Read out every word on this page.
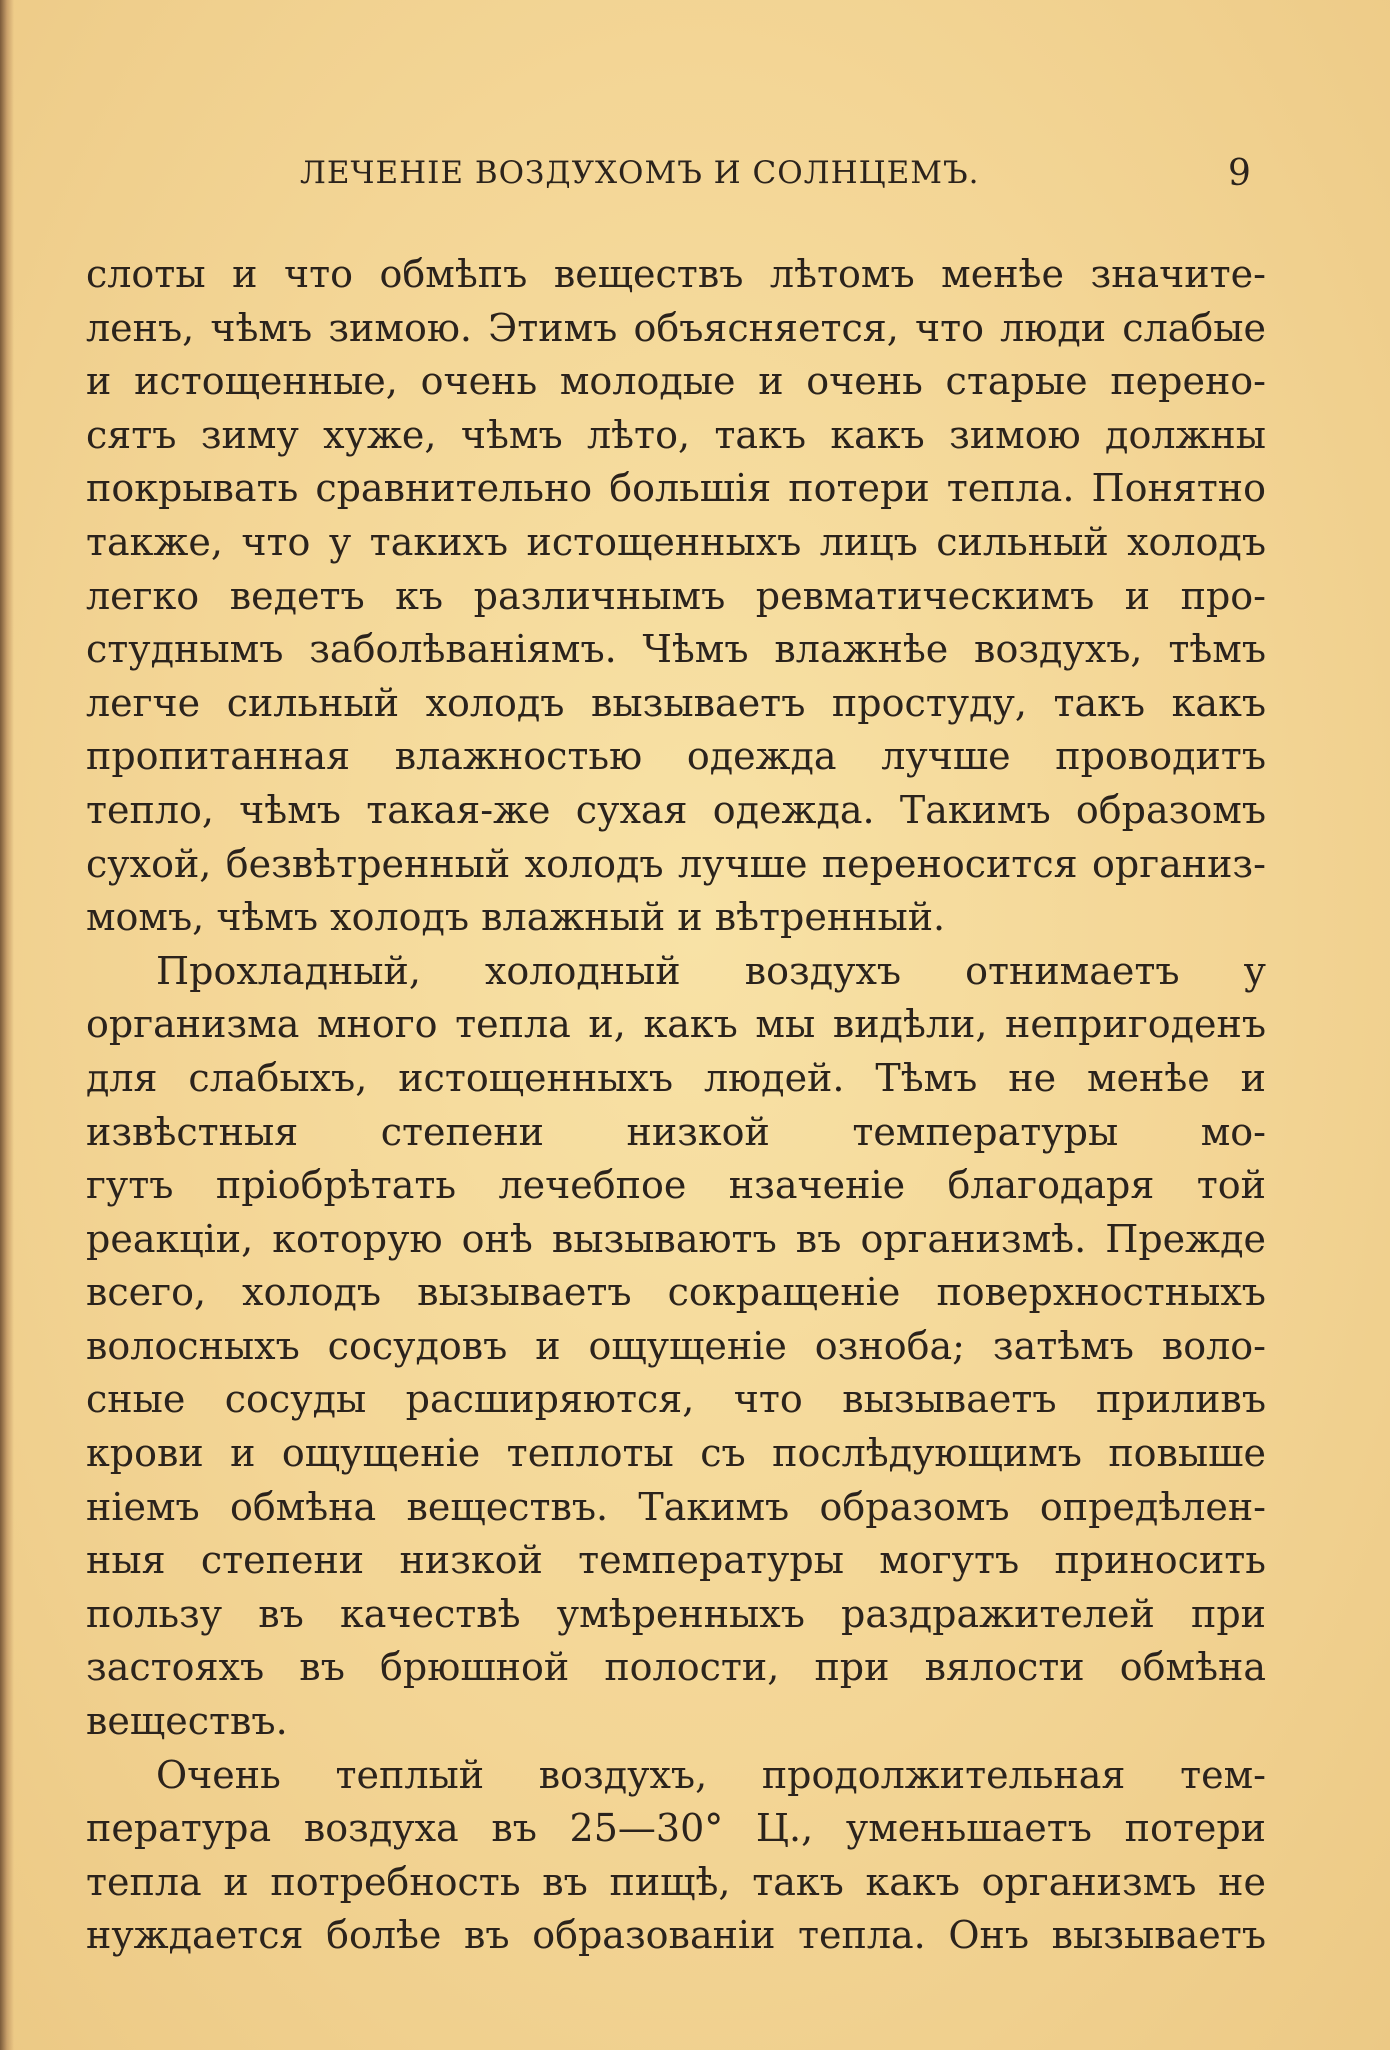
ЛЕЧЕНІЕ ВОЗДУХОМЪ И СОЛНЦЕМЪ.	9
слоты и что обмѣпъ веществъ лѣтомъ менѣе значите-
ленъ, чѣмъ зимою. Этимъ объясняется, что люди слабые
и истощенные, очень молодые и очень старые перено-
сятъ зиму хуже, чѣмъ лѣто, такъ какъ зимою должны
покрывать сравнительно большія потери тепла. Понятно
также, что у такихъ истощенныхъ лицъ сильный холодъ
легко ведетъ къ различнымъ ревматическимъ и про-
студнымъ заболѣваніямъ. Чѣмъ влажнѣе воздухъ, тѣмъ
легче сильный холодъ вызываетъ простуду, такъ какъ
пропитанная влажностью одежда лучше проводитъ
тепло, чѣмъ такая-же сухая одежда. Такимъ образомъ
сухой, безвѣтренный холодъ лучше переносится организ-
момъ, чѣмъ холодъ влажный и вѣтренный.
Прохладный, холодный воздухъ отнимаетъ у
организма много тепла и, какъ мы видѣли, непригоденъ
для слабыхъ, истощенныхъ людей. Тѣмъ не менѣе и
извѣстныя степени низкой температуры мо-
гутъ пріобрѣтать лечебпое нзаченіе благодаря той
реакціи, которую онѣ вызываютъ въ организмѣ. Прежде
всего, холодъ вызываетъ сокращеніе поверхностныхъ
волосныхъ сосудовъ и ощущеніе озноба; затѣмъ воло-
сные сосуды расширяются, что вызываетъ приливъ
крови и ощущеніе теплоты съ послѣдующимъ повыше
ніемъ обмѣна веществъ. Такимъ образомъ опредѣлен-
ныя степени низкой температуры могутъ приносить
пользу въ качествѣ умѣренныхъ раздражителей при
застояхъ въ брюшной полости, при вялости обмѣна
веществъ.
Очень теплый воздухъ, продолжительная тем-
пература воздуха въ 25—30° Ц., уменьшаетъ потери
тепла и потребность въ пищѣ, такъ какъ организмъ не
нуждается болѣе въ образованіи тепла. Онъ вызываетъ
